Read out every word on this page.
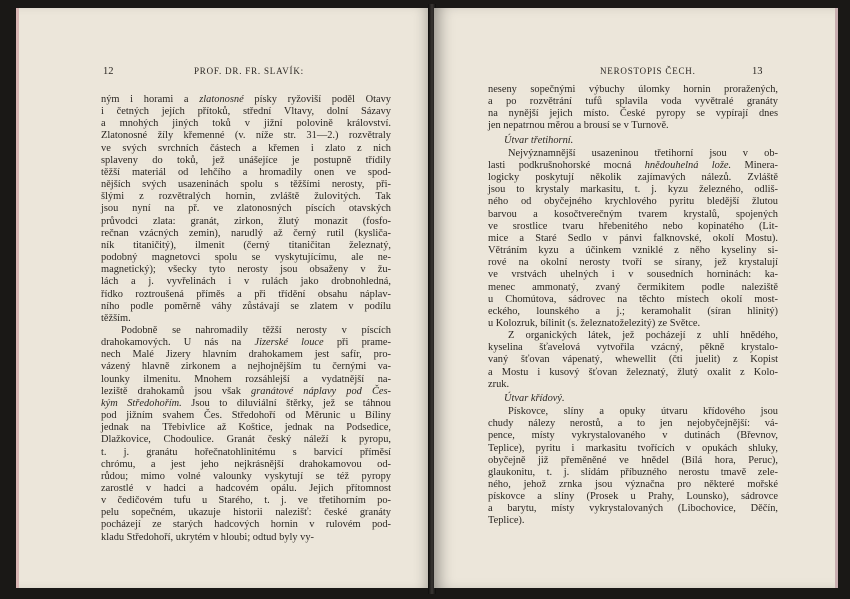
12	PROF. DR. FR. SLAVÍK:

ným i horami a zlatonosné písky ryžoviší poděl Otavy

i četných jejích přítoků, střední Vltavy, dolní Sázavy

a mnohých jiných toků v jižní polovině království.

Zlatonosné žíly křemenné (v. níže str. 31—2.) rozvětraly

ve svých svrchních částech a křemen i zlato z nich

splaveny do toků, jež unášejíce je postupně třídily

těžší materiál od lehčího a hromadily onen ve spod-

nějších svých usazeninách spolu s těžšími nerosty, při-

šlými z rozvětralých hornin, zvláště žulovitých. Tak

jsou nyní na př. ve zlatonosných píscích otavských

průvodci zlata: granát, zirkon, žlutý monazit (fosfo-

rečnan vzácných zemin), narudlý až černý rutil (kysliča-

ník titaničitý), ilmenit (černý titaničitan železnatý,

podobný magnetovci spolu se vyskytujícímu, ale ne-

magnetický); všecky tyto nerosty jsou obsaženy v žu-

lách a j. vyvřelinách i v rulách jako drobnohledná,

řídko roztroušená příměs a při třídění obsahu náplav-

ního podle poměrně váhy zůstávají se zlatem v podílu

těžším.

Podobně se nahromadily těžší nerosty v píscích

drahokamových. U nás na Jizerské louce při prame-

nech Malé Jizery hlavním drahokamem jest safír, pro-

vázený hlavně zirkonem a nejhojnějším tu černými va-

lounky ilmenitu. Mnohem rozsáhlejší a vydatnější na-

leziště drahokamů jsou však granátové náplavy pod Čes-

kým Středohořím. Jsou to diluviální štěrky, jež se táhnou

pod jižním svahem Čes. Středohoří od Měrunic u Bíliny

jednak na Třebivlice až Koštice, jednak na Podsedice,

Dlažkovice, Chodoulice. Granát český náleží k pyropu,

t. j. granátu hořečnatohlinitému s barvicí příměsí

chrómu, a jest jeho nejkrásnější drahokamovou od-

růdou; mimo volné valounky vyskytují se též pyropy

zarostlé v hadci a hadcovém opálu. Jejich přítomnost

v čedičovém tufu u Starého, t. j. ve třetihorním po-

pelu sopečném, ukazuje historii nalezišť: české granáty

pocházejí ze starých hadcových hornin v rulovém pod-

kladu Středohoří, ukrytém v hloubi; odtud byly vy-

13
NEROSTOPIS ČECH.

neseny sopečnými výbuchy úlomky hornin proražených,

a po rozvětrání tufů splavila voda vyvětralé granáty

na nynější jejich místo. České pyropy se vypírají dnes

jen nepatrnou měrou a brousí se v Turnově.

Útvar třetihorní.

Nejvýznamnější usazeninou třetihorní jsou v ob-

lasti podkrušnohorské mocná hnědouhelná lože. Minera-

logicky poskytují několik zajímavých nálezů. Zvláště

jsou to krystaly markasitu, t. j. kyzu železného, odliš-

ného od obyčejného krychlového pyritu bledější žlutou

barvou a kosočtverečným tvarem krystalů, spojených

ve srostlice tvaru hřebenitého nebo kopinatého (Lit-

mice a Staré Sedlo v pánvi falknovské, okolí Mostu).

Větráním kyzu a účinkem vzniklé z něho kyseliny si-

rové na okolní nerosty tvoří se sírany, jež krystalují

ve vrstvách uhelných i v sousedních horninách: ka-

menec ammonatý, zvaný čermikitem podle naleziště

u Chomútova, sádrovec na těchto místech okolí most-

eckého, lounského a j.; keramohalit (síran hlinitý)

u Kolozruk, bílinit (s. železnatoželezitý) ze Světce.

Z organických látek, jež pocházejí z uhlí hnědého,

kyselina šťavelová vytvořila vzácný, pěkně krystalo-

vaný šťovan vápenatý, whewellit (čti juelit) z Kopist

a Mostu i kusový šťovan železnatý, žlutý oxalit z Kolo-

zruk.

Útvar křídový.

Pískovce, slíny a opuky útvaru křídového jsou

chudy nálezy nerostů, a to jen nejobyčejnější: vá-

pence, místy vykrystalovaného v dutinách (Břevnov,

Teplice), pyritu i markasitu tvořících v opukách shluky,

obyčejně již přeměněné ve hnědel (Bílá hora, Peruc),

glaukonitu, t. j. slídám příbuzného nerostu tmavě zele-

ného, jehož zrnka jsou význačna pro některé mořské

pískovce a slíny (Prosek u Prahy, Lounsko), sádrovce

a barytu, místy vykrystalovaných (Libochovice, Děčín,

Teplice).
